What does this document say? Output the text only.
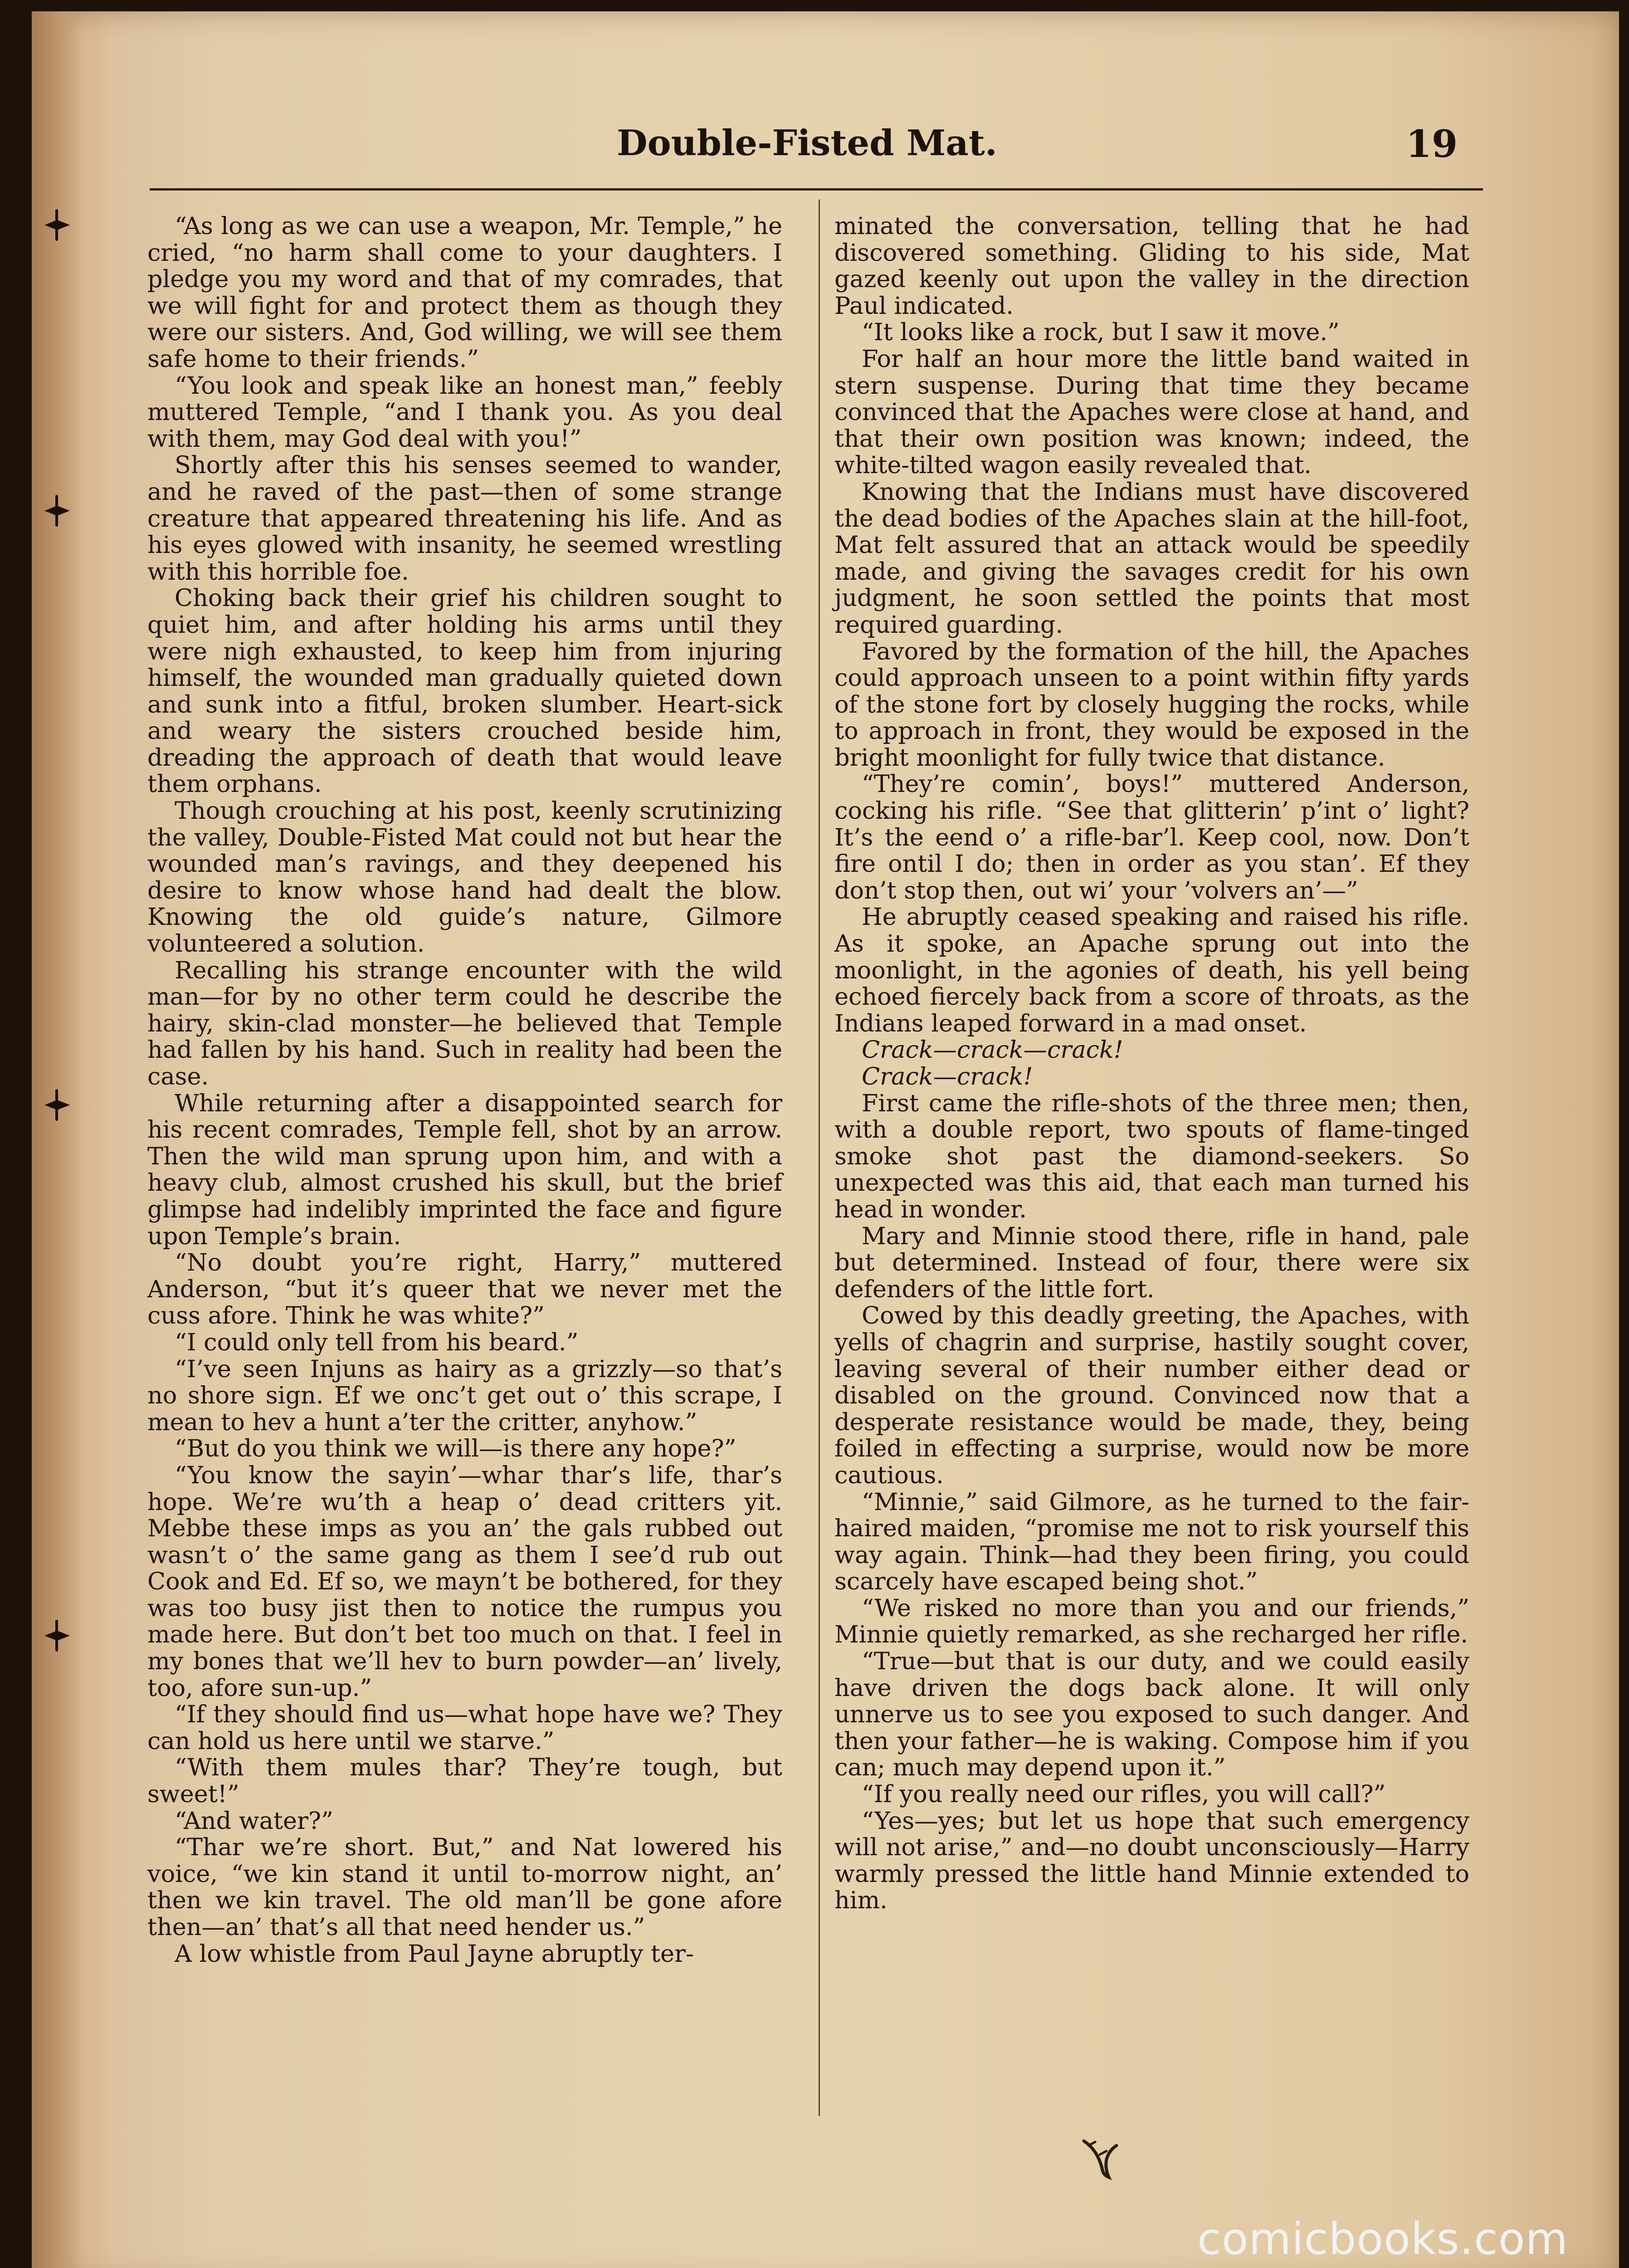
Double-Fisted Mat.	19

“As long as we can use a weapon, Mr. Temple,” he cried, “no harm shall come to your daughters. I pledge you my word and that of my comrades, that we will fight for and protect them as though they were our sisters. And, God willing, we will see them safe home to their friends.”

“You look and speak like an honest man,” feebly muttered Temple, “and I thank you. As you deal with them, may God deal with you!”

Shortly after this his senses seemed to wander, and he raved of the past—then of some strange creature that appeared threatening his life. And as his eyes glowed with insanity, he seemed wrestling with this horrible foe.

Choking back their grief his children sought to quiet him, and after holding his arms until they were nigh exhausted, to keep him from injuring himself, the wounded man gradually quieted down and sunk into a fitful, broken slumber. Heart-sick and weary the sisters crouched beside him, dreading the approach of death that would leave them orphans.

Though crouching at his post, keenly scrutinizing the valley, Double-Fisted Mat could not but hear the wounded man’s ravings, and they deepened his desire to know whose hand had dealt the blow. Knowing the old guide’s nature, Gilmore volunteered a solution.

Recalling his strange encounter with the wild man—for by no other term could he describe the hairy, skin-clad monster—he believed that Temple had fallen by his hand. Such in reality had been the case.

While returning after a disappointed search for his recent comrades, Temple fell, shot by an arrow. Then the wild man sprung upon him, and with a heavy club, almost crushed his skull, but the brief glimpse had indelibly imprinted the face and figure upon Temple’s brain.

“No doubt you’re right, Harry,” muttered Anderson, “but it’s queer that we never met the cuss afore. Think he was white?”

“I could only tell from his beard.”

“I’ve seen Injuns as hairy as a grizzly—so that’s no shore sign. Ef we onc’t get out o’ this scrape, I mean to hev a hunt a’ter the critter, anyhow.”

“But do you think we will—is there any hope?”

“You know the sayin’—whar thar’s life, thar’s hope. We’re wu’th a heap o’ dead critters yit. Mebbe these imps as you an’ the gals rubbed out wasn’t o’ the same gang as them I see’d rub out Cook and Ed. Ef so, we mayn’t be bothered, for they was too busy jist then to notice the rumpus you made here. But don’t bet too much on that. I feel in my bones that we’ll hev to burn powder—an’ lively, too, afore sun-up.”

“If they should find us—what hope have we? They can hold us here until we starve.”

“With them mules thar? They’re tough, but sweet!”

“And water?”

“Thar we’re short. But,” and Nat lowered his voice, “we kin stand it until to-morrow night, an’ then we kin travel. The old man’ll be gone afore then—an’ that’s all that need hender us.”

A low whistle from Paul Jayne abruptly ter-

minated the conversation, telling that he had discovered something. Gliding to his side, Mat gazed keenly out upon the valley in the direction Paul indicated.

“It looks like a rock, but I saw it move.”

For half an hour more the little band waited in stern suspense. During that time they became convinced that the Apaches were close at hand, and that their own position was known; indeed, the white-tilted wagon easily revealed that.

Knowing that the Indians must have discovered the dead bodies of the Apaches slain at the hill-foot, Mat felt assured that an attack would be speedily made, and giving the savages credit for his own judgment, he soon settled the points that most required guarding.

Favored by the formation of the hill, the Apaches could approach unseen to a point within fifty yards of the stone fort by closely hugging the rocks, while to approach in front, they would be exposed in the bright moonlight for fully twice that distance.

“They’re comin’, boys!” muttered Anderson, cocking his rifle. “See that glitterin’ p’int o’ light? It’s the eend o’ a rifle-bar’l. Keep cool, now. Don’t fire ontil I do; then in order as you stan’. Ef they don’t stop then, out wi’ your ’volvers an’—”

He abruptly ceased speaking and raised his rifle. As it spoke, an Apache sprung out into the moonlight, in the agonies of death, his yell being echoed fiercely back from a score of throats, as the Indians leaped forward in a mad onset.

Crack—crack—crack!

Crack—crack!

First came the rifle-shots of the three men; then, with a double report, two spouts of flame-tinged smoke shot past the diamond-seekers. So unexpected was this aid, that each man turned his head in wonder.

Mary and Minnie stood there, rifle in hand, pale but determined. Instead of four, there were six defenders of the little fort.

Cowed by this deadly greeting, the Apaches, with yells of chagrin and surprise, hastily sought cover, leaving several of their number either dead or disabled on the ground. Convinced now that a desperate resistance would be made, they, being foiled in effecting a surprise, would now be more cautious.

“Minnie,” said Gilmore, as he turned to the fair-haired maiden, “promise me not to risk yourself this way again. Think—had they been firing, you could scarcely have escaped being shot.”

“We risked no more than you and our friends,” Minnie quietly remarked, as she recharged her rifle.

“True—but that is our duty, and we could easily have driven the dogs back alone. It will only unnerve us to see you exposed to such danger. And then your father—he is waking. Compose him if you can; much may depend upon it.”

“If you really need our rifles, you will call?”

“Yes—yes; but let us hope that such emergency will not arise,” and—no doubt unconsciously—Harry warmly pressed the little hand Minnie extended to him.

comicbooks.com
